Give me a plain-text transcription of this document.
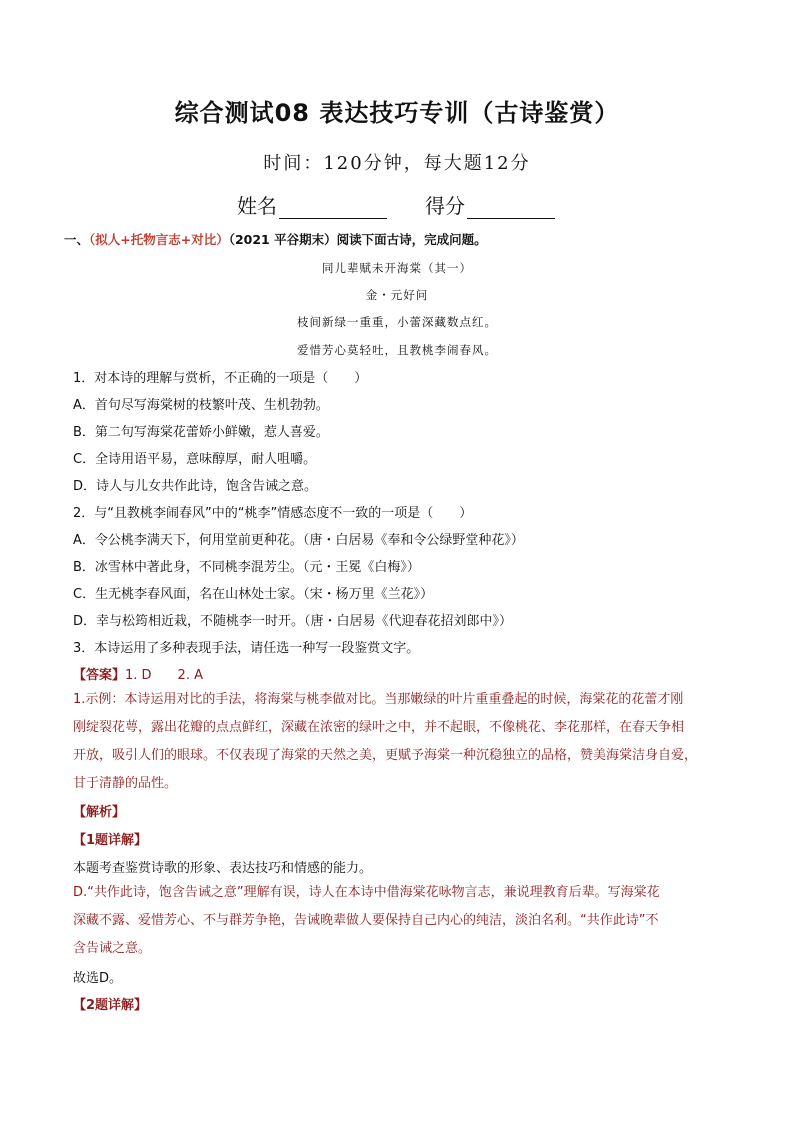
综合测试08 表达技巧专训（古诗鉴赏）
时间：120分钟，每大题12分
姓名	得分
一、（拟人+托物言志+对比）（2021 平谷期末）阅读下面古诗，完成问题。
同儿辈赋未开海棠（其一）
金・元好问
枝间新绿一重重，小蕾深藏数点红。
爱惜芳心莫轻吐，且教桃李闹春风。
1．对本诗的理解与赏析，不正确的一项是（　　）
A．首句尽写海棠树的枝繁叶茂、生机勃勃。
B．第二句写海棠花蕾娇小鲜嫩，惹人喜爱。
C．全诗用语平易，意味醇厚，耐人咀嚼。
D．诗人与儿女共作此诗，饱含告诫之意。
2．与“且教桃李闹春风”中的“桃李”情感态度不一致的一项是（　　）
A．令公桃李满天下，何用堂前更种花。（唐・白居易《奉和令公绿野堂种花》）
B．冰雪林中著此身，不同桃李混芳尘。（元・王冕《白梅》）
C．生无桃李春风面，名在山林处士家。（宋・杨万里《兰花》）
D．幸与松筠相近栽，不随桃李一时开。（唐・白居易《代迎春花招刘郎中》）
3．本诗运用了多种表现手法，请任选一种写一段鉴赏文字。
【答案】1. D　　2. A
1.示例：本诗运用对比的手法，将海棠与桃李做对比。当那嫩绿的叶片重重叠起的时候，海棠花的花蕾才刚
刚绽裂花萼，露出花瓣的点点鲜红，深藏在浓密的绿叶之中，并不起眼，不像桃花、李花那样，在春天争相
开放，吸引人们的眼球。不仅表现了海棠的天然之美，更赋予海棠一种沉稳独立的品格，赞美海棠洁身自爱，
甘于清静的品性。
【解析】
【1题详解】
本题考查鉴赏诗歌的形象、表达技巧和情感的能力。
D.“共作此诗，饱含告诫之意”理解有误，诗人在本诗中借海棠花咏物言志，兼说理教育后辈。写海棠花
深藏不露、爱惜芳心、不与群芳争艳，告诫晚辈做人要保持自己内心的纯洁，淡泊名利。“共作此诗”不
含告诫之意。
故选D。
【2题详解】
